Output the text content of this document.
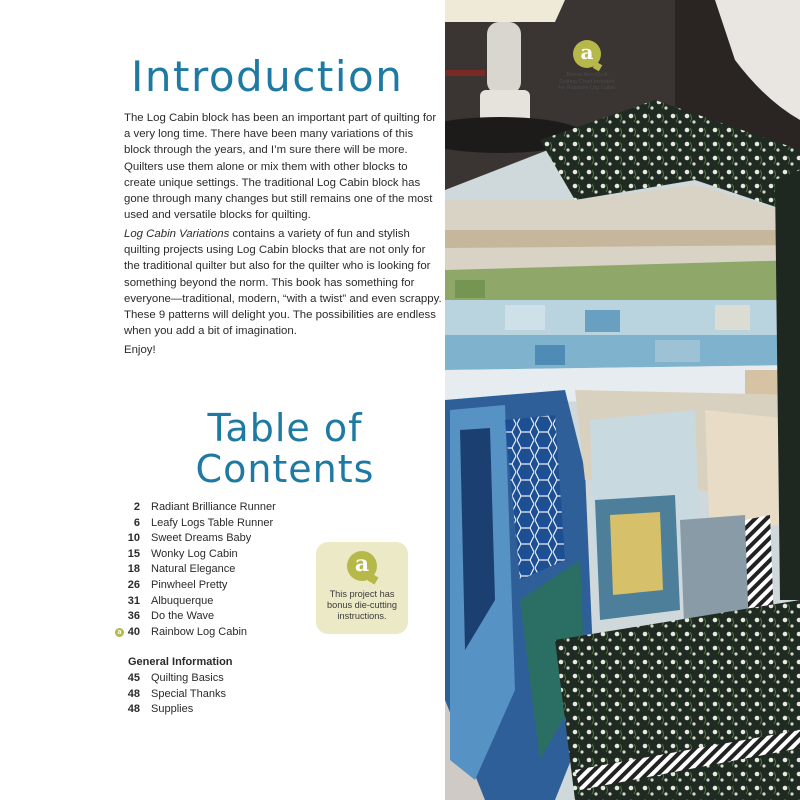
a
Bonus AccuQuilt Cutting Chart included for Rainbow Log Cabin
Introduction

The Log Cabin block has been an important part of quilting for a very long time. There have been many variations of this block through the years, and I’m sure there will be more. Quilters use them alone or mix them with other blocks to create unique settings. The traditional Log Cabin block has gone through many changes but still remains one of the most used and versatile blocks for quilting.

Log Cabin Variations contains a variety of fun and stylish quilting projects using Log Cabin blocks that are not only for the traditional quilter but also for the quilter who is looking for something beyond the norm. This book has something for everyone—traditional, modern, “with a twist” and even scrappy. These 9 patterns will delight you. The possibilities are endless when you add a bit of imagination.

Enjoy!

Table of
Contents
2 Radiant Brilliance Runner
6 Leafy Logs Table Runner
10 Sweet Dreams Baby
15 Wonky Log Cabin
18 Natural Elegance
26 Pinwheel Pretty
31 Albuquerque
36 Do the Wave
a 40 Rainbow Log Cabin
General Information
45 Quilting Basics
48 Special Thanks
48 Supplies
a
This project has bonus die-cutting instructions.
